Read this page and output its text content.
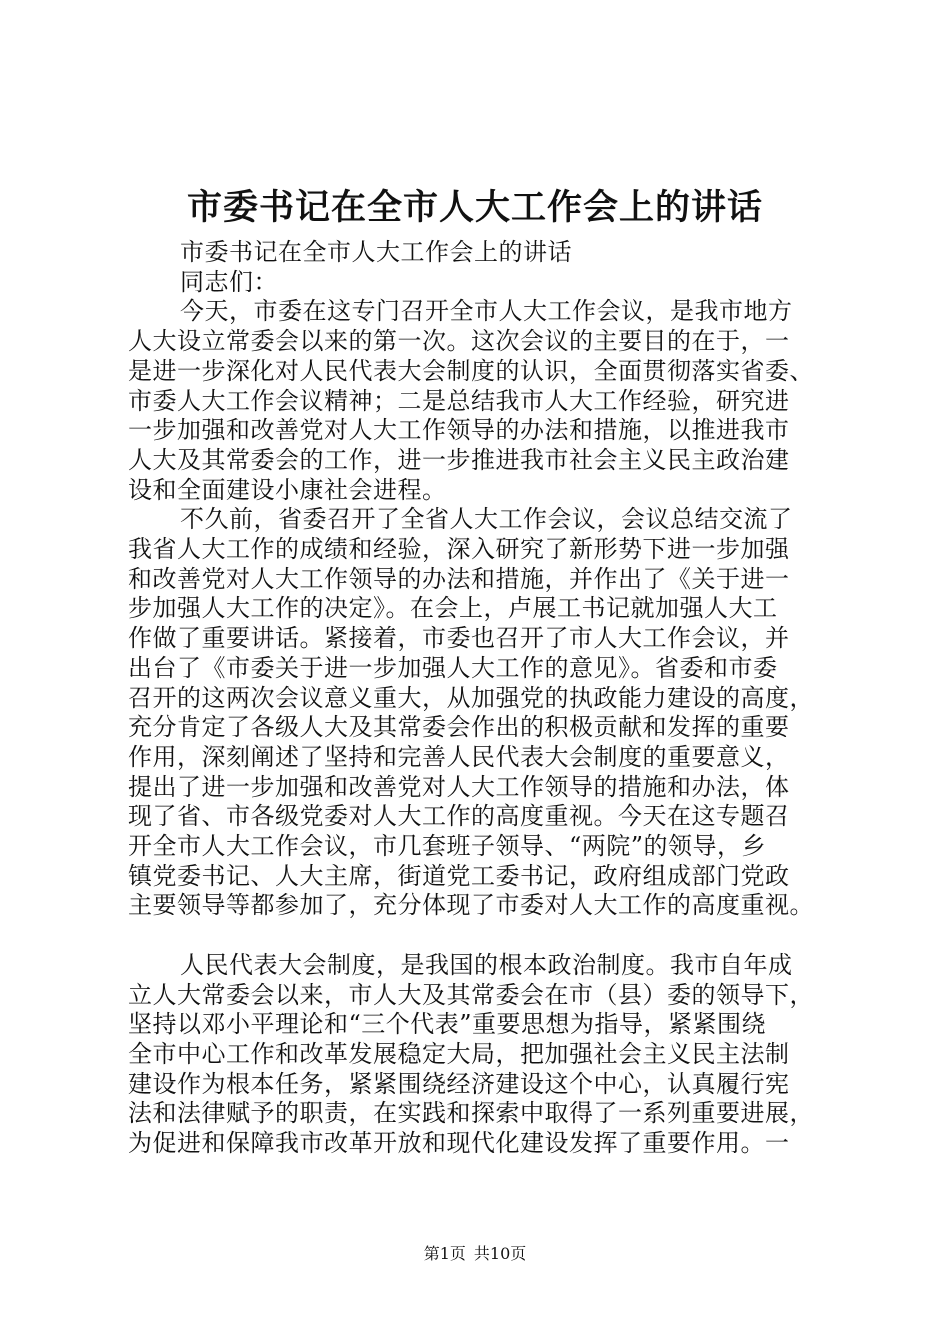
市委书记在全市人大工作会上的讲话
市委书记在全市人大工作会上的讲话
同志们：
今天，市委在这专门召开全市人大工作会议，是我市地方
人大设立常委会以来的第一次。这次会议的主要目的在于，一
是进一步深化对人民代表大会制度的认识，全面贯彻落实省委、
市委人大工作会议精神；二是总结我市人大工作经验，研究进
一步加强和改善党对人大工作领导的办法和措施，以推进我市
人大及其常委会的工作，进一步推进我市社会主义民主政治建
设和全面建设小康社会进程。
不久前，省委召开了全省人大工作会议，会议总结交流了
我省人大工作的成绩和经验，深入研究了新形势下进一步加强
和改善党对人大工作领导的办法和措施，并作出了《关于进一
步加强人大工作的决定》。在会上，卢展工书记就加强人大工
作做了重要讲话。紧接着，市委也召开了市人大工作会议，并
出台了《市委关于进一步加强人大工作的意见》。省委和市委
召开的这两次会议意义重大，从加强党的执政能力建设的高度，
充分肯定了各级人大及其常委会作出的积极贡献和发挥的重要
作用，深刻阐述了坚持和完善人民代表大会制度的重要意义，
提出了进一步加强和改善党对人大工作领导的措施和办法，体
现了省、市各级党委对人大工作的高度重视。今天在这专题召
开全市人大工作会议，市几套班子领导、“两院”的领导，乡
镇党委书记、人大主席，街道党工委书记，政府组成部门党政
主要领导等都参加了，充分体现了市委对人大工作的高度重视。
人民代表大会制度，是我国的根本政治制度。我市自年成
立人大常委会以来，市人大及其常委会在市（县）委的领导下，
坚持以邓小平理论和“三个代表”重要思想为指导，紧紧围绕
全市中心工作和改革发展稳定大局，把加强社会主义民主法制
建设作为根本任务，紧紧围绕经济建设这个中心，认真履行宪
法和法律赋予的职责，在实践和探索中取得了一系列重要进展，
为促进和保障我市改革开放和现代化建设发挥了重要作用。一
第1页 共10页
